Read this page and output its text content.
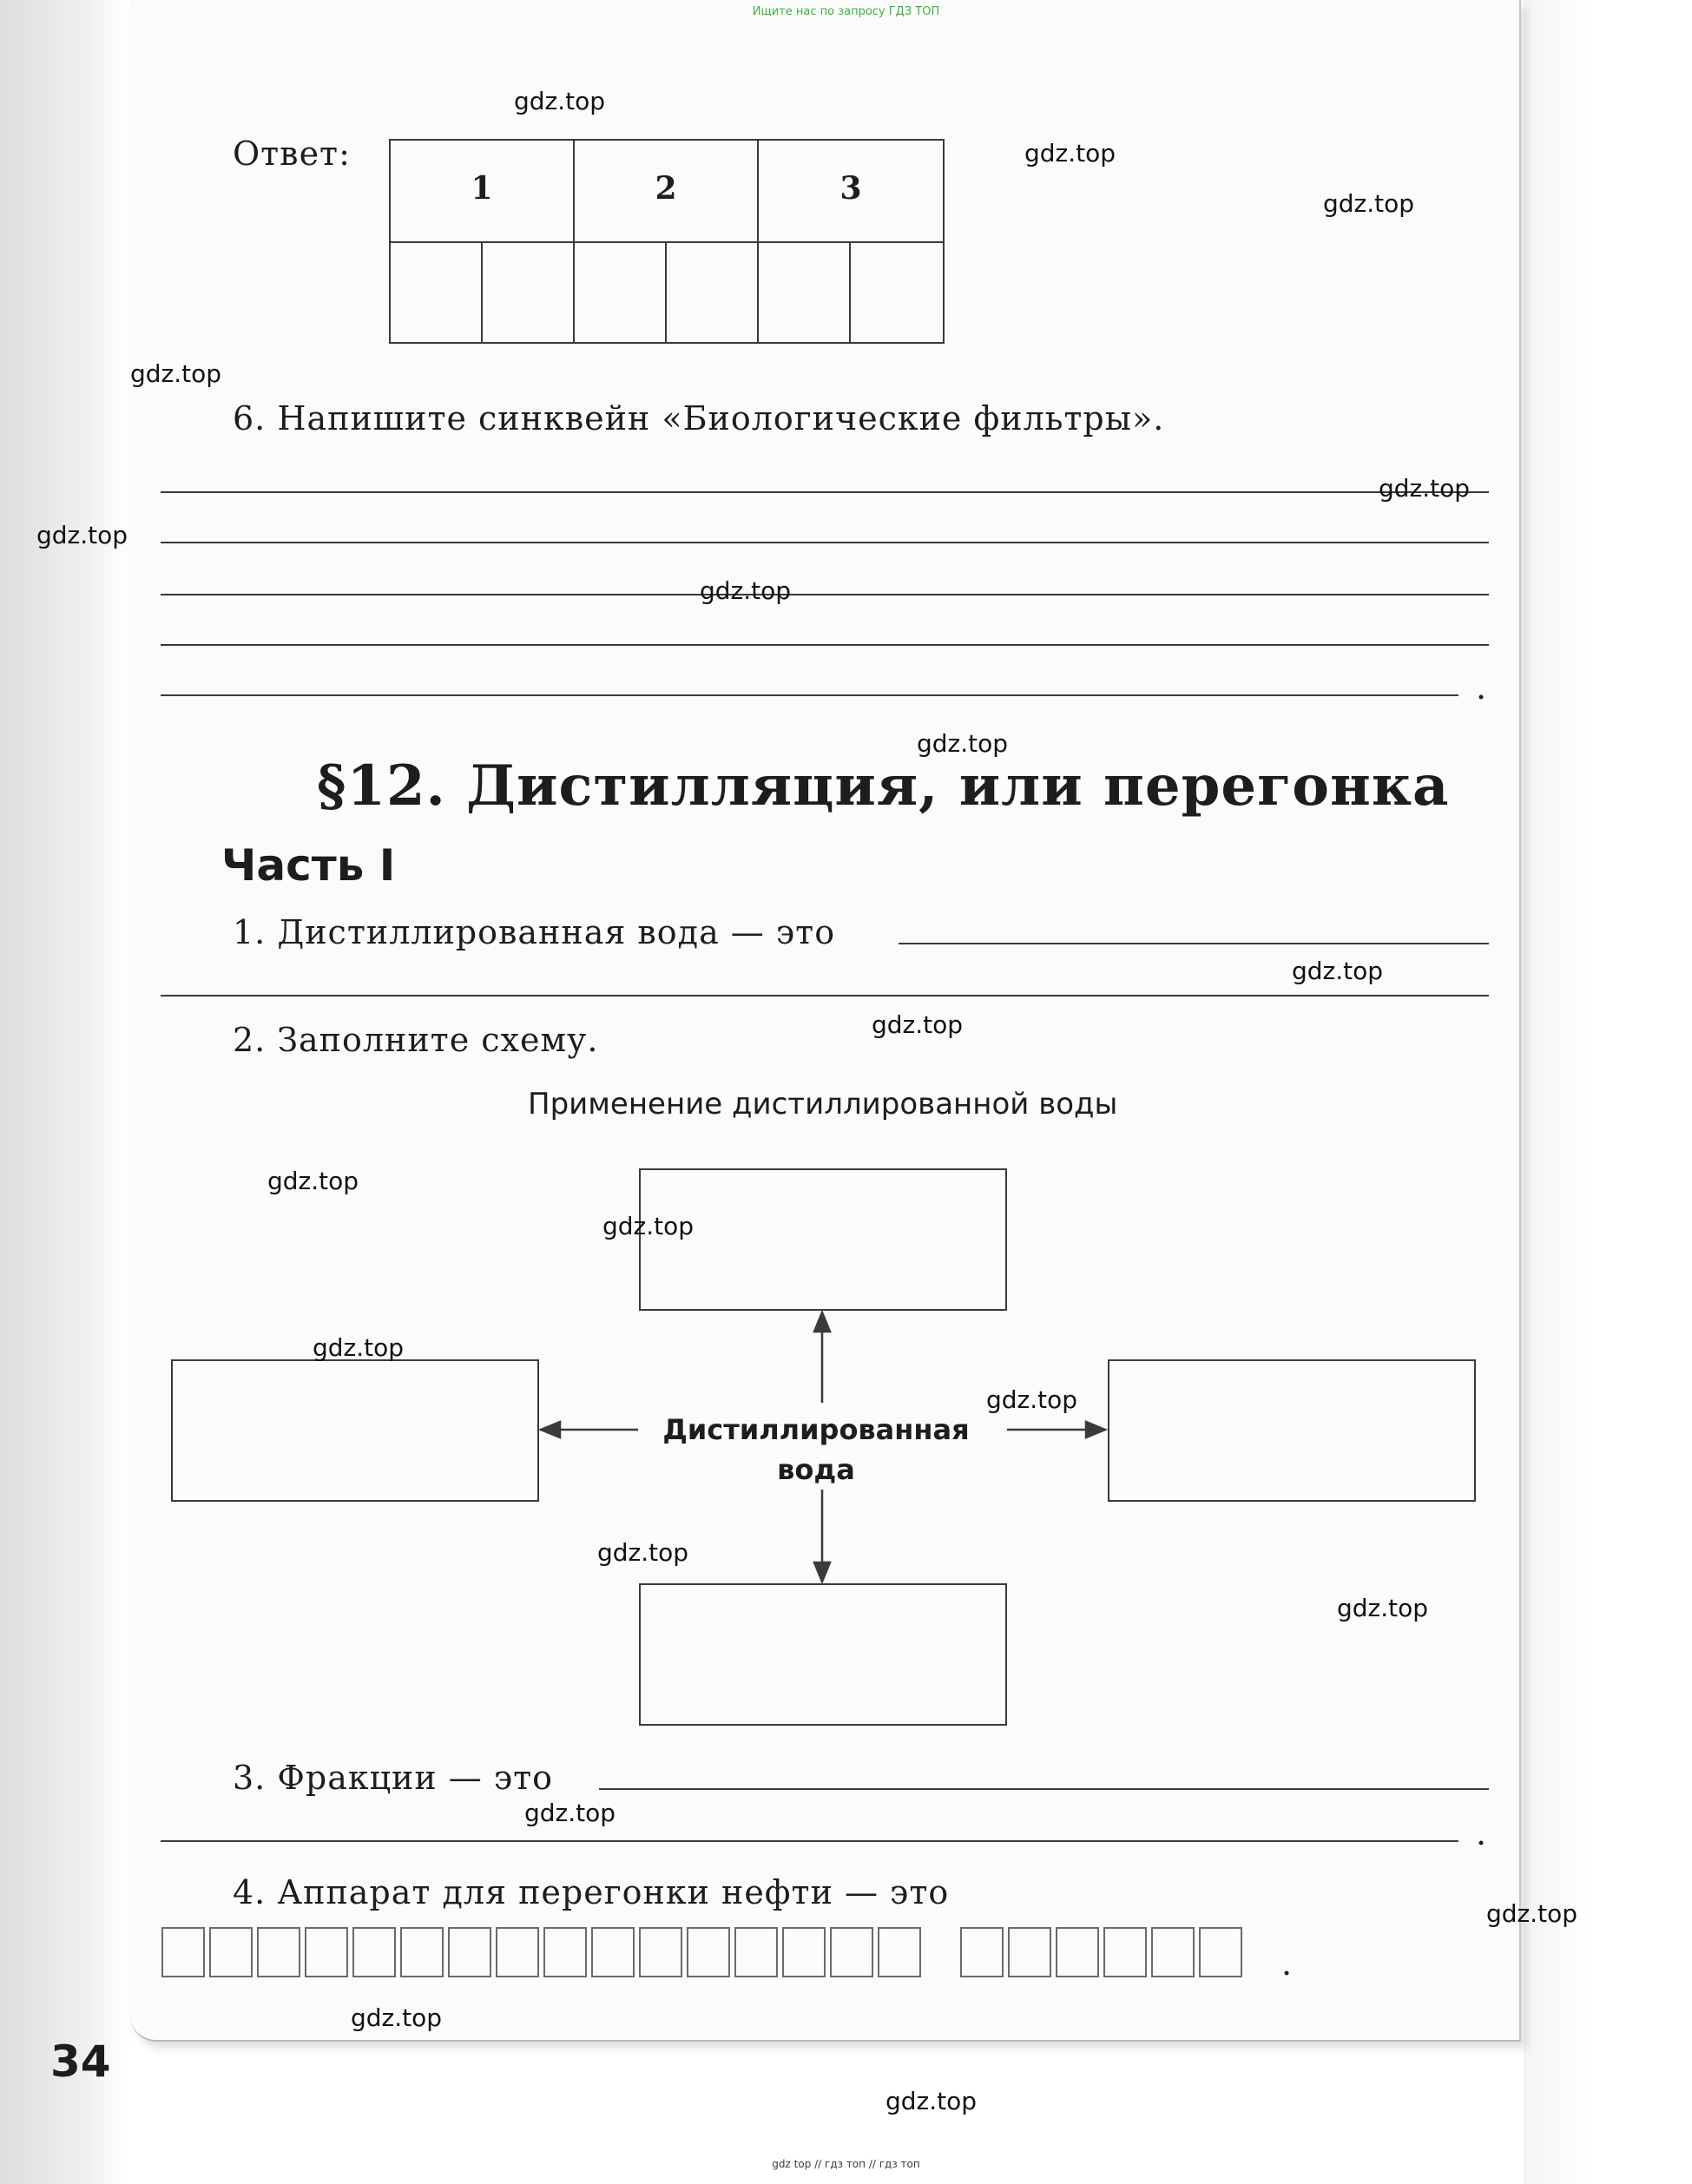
Ищите нас по запросу ГДЗ ТОП
Ответ:
1	2	3
6. Напишите синквейн «Биологические фильтры».
.
§12. Дистилляция, или перегонка
Часть I
1. Дистиллированная вода — это
2. Заполните схему.
Применение дистиллированной воды
Дистиллированная
вода
3. Фракции — это
.
4. Аппарат для перегонки нефти — это
.
34
gdz.top
gdz.top
gdz.top
gdz.top
gdz.top
gdz.top
gdz.top
gdz.top
gdz.top
gdz.top
gdz.top
gdz.top
gdz.top
gdz.top
gdz.top
gdz.top
gdz.top
gdz.top
gdz.top
gdz.top
gdz top // гдз топ // гдз топ
